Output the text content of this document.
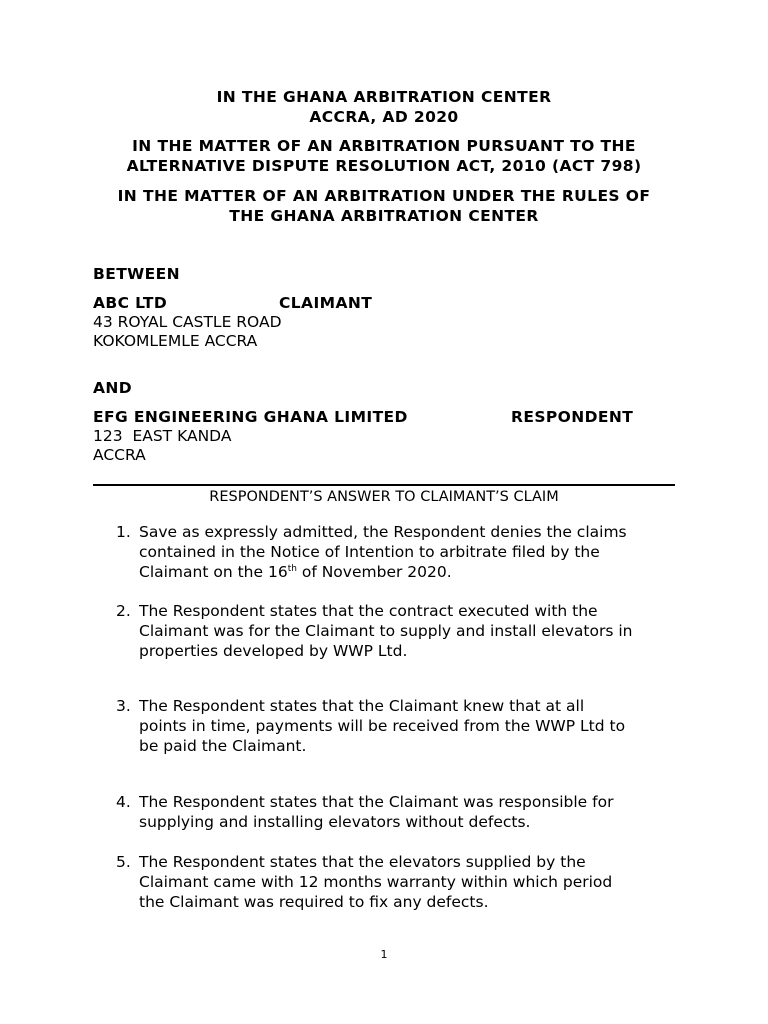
IN THE GHANA ARBITRATION CENTER
ACCRA, AD 2020
IN THE MATTER OF AN ARBITRATION PURSUANT TO THE
ALTERNATIVE DISPUTE RESOLUTION ACT, 2010 (ACT 798)
IN THE MATTER OF AN ARBITRATION UNDER THE RULES OF
THE GHANA ARBITRATION CENTER
BETWEEN
ABC LTD	CLAIMANT
43 ROYAL CASTLE ROAD
KOKOMLEMLE ACCRA
AND
EFG ENGINEERING GHANA LIMITED	RESPONDENT
123  EAST KANDA
ACCRA
RESPONDENT’S ANSWER TO CLAIMANT’S CLAIM
1. Save as expressly admitted, the Respondent denies the claims
contained in the Notice of Intention to arbitrate filed by the
Claimant on the 16th of November 2020.
2. The Respondent states that the contract executed with the
Claimant was for the Claimant to supply and install elevators in
properties developed by WWP Ltd.
3. The Respondent states that the Claimant knew that at all
points in time, payments will be received from the WWP Ltd to
be paid the Claimant.
4. The Respondent states that the Claimant was responsible for
supplying and installing elevators without defects.
5. The Respondent states that the elevators supplied by the
Claimant came with 12 months warranty within which period
the Claimant was required to fix any defects.
1
